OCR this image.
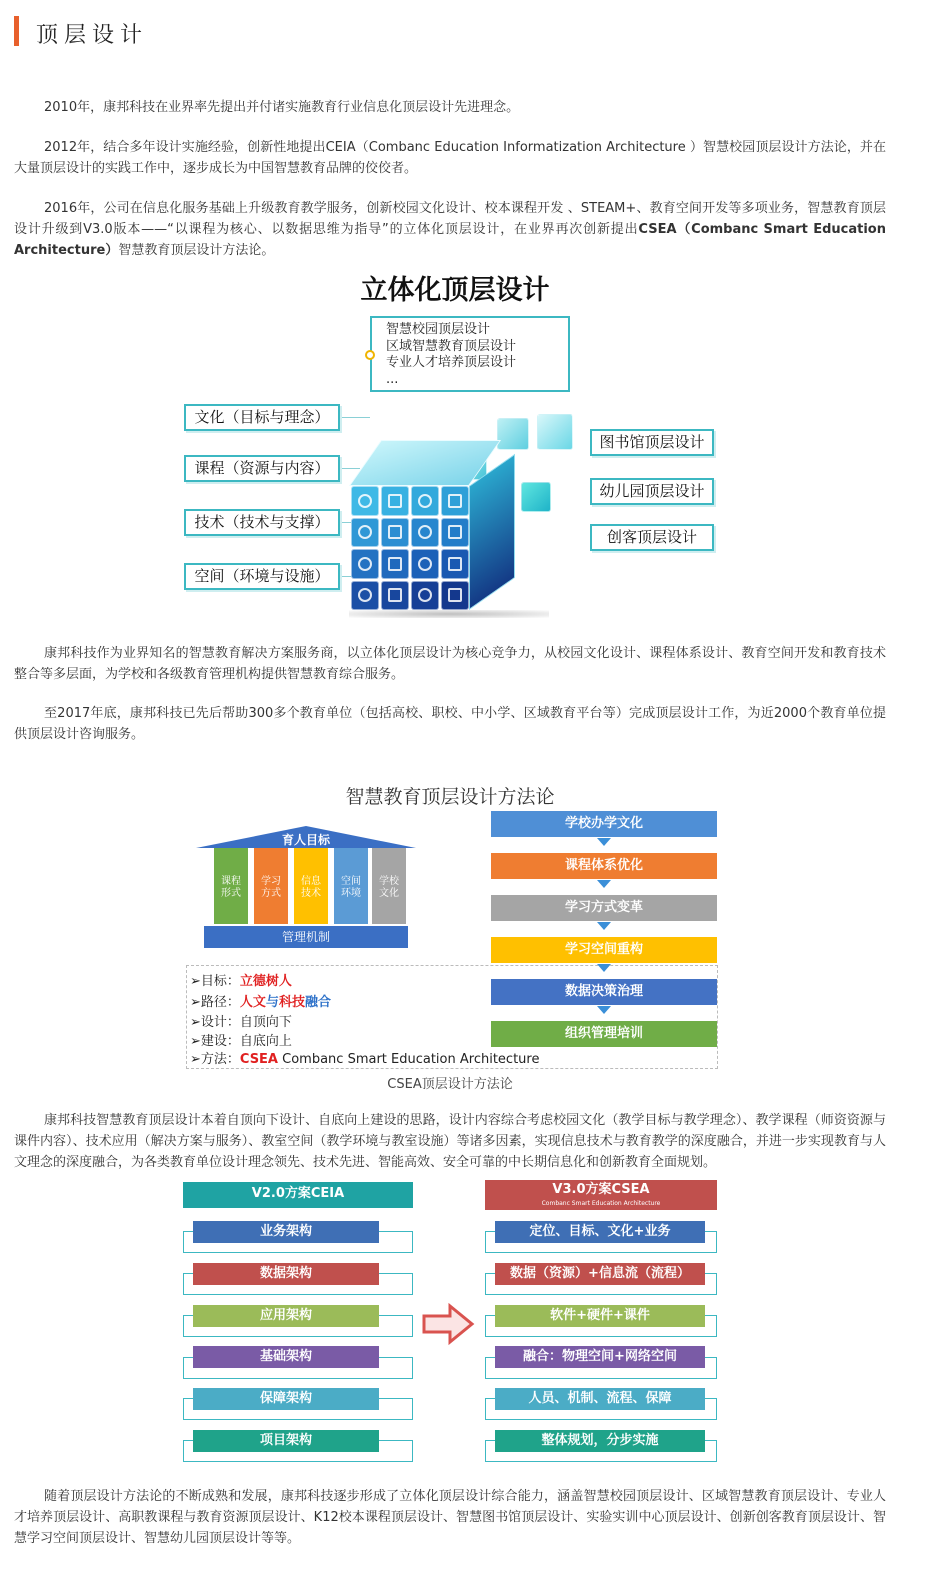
顶层设计

2010年，康邦科技在业界率先提出并付诸实施教育行业信息化顶层设计先进理念。

2012年，结合多年设计实施经验，创新性地提出CEIA（Combanc Education Informatization Architecture ）智慧校园顶层设计方法论，并在大量顶层设计的实践工作中，逐步成长为中国智慧教育品牌的佼佼者。

2016年，公司在信息化服务基础上升级教育教学服务，创新校园文化设计、校本课程开发 、STEAM+、教育空间开发等多项业务，智慧教育顶层设计升级到V3.0版本——“以课程为核心、以数据思维为指导”的立体化顶层设计，在业界再次创新提出CSEA（Combanc Smart Education Architecture）智慧教育顶层设计方法论。

立体化顶层设计
智慧校园顶层设计
区域智慧教育顶层设计
专业人才培养顶层设计
...
文化（目标与理念）
课程（资源与内容）
技术（技术与支撑）
空间（环境与设施）
图书馆顶层设计
幼儿园顶层设计
创客顶层设计

康邦科技作为业界知名的智慧教育解决方案服务商，以立体化顶层设计为核心竞争力，从校园文化设计、课程体系设计、教育空间开发和教育技术整合等多层面，为学校和各级教育管理机构提供智慧教育综合服务。

至2017年底，康邦科技已先后帮助300多个教育单位（包括高校、职校、中小学、区域教育平台等）完成顶层设计工作，为近2000个教育单位提供顶层设计咨询服务。

智慧教育顶层设计方法论
育人目标
课程
形式
学习
方式
信息
技术
空间
环境
学校
文化
管理机制
➢目标：立德树人
➢路径：人文与科技融合
➢设计：自顶向下
➢建设：自底向上
➢方法：CSEA Combanc Smart Education Architecture
学校办学文化
课程体系优化
学习方式变革
学习空间重构
数据决策治理
组织管理培训
CSEA顶层设计方法论

康邦科技智慧教育顶层设计本着自顶向下设计、自底向上建设的思路，设计内容综合考虑校园文化（教学目标与教学理念）、教学课程（师资资源与课件内容）、技术应用（解决方案与服务）、教室空间（教学环境与教室设施）等诸多因素，实现信息技术与教育教学的深度融合，并进一步实现教育与人文理念的深度融合，为各类教育单位设计理念领先、技术先进、智能高效、安全可靠的中长期信息化和创新教育全面规划。

V2.0方案CEIA	V3.0方案CSEA
Combanc Smart Education Architecture
业务架构
数据架构
应用架构
基础架构
保障架构
项目架构
定位、目标、文化+业务
数据（资源）+信息流（流程）
软件+硬件+课件
融合：物理空间+网络空间
人员、机制、流程、保障
整体规划，分步实施

随着顶层设计方法论的不断成熟和发展，康邦科技逐步形成了立体化顶层设计综合能力，涵盖智慧校园顶层设计、区域智慧教育顶层设计、专业人才培养顶层设计、高职教课程与教育资源顶层设计、K12校本课程顶层设计、智慧图书馆顶层设计、实验实训中心顶层设计、创新创客教育顶层设计、智慧学习空间顶层设计、智慧幼儿园顶层设计等等。
